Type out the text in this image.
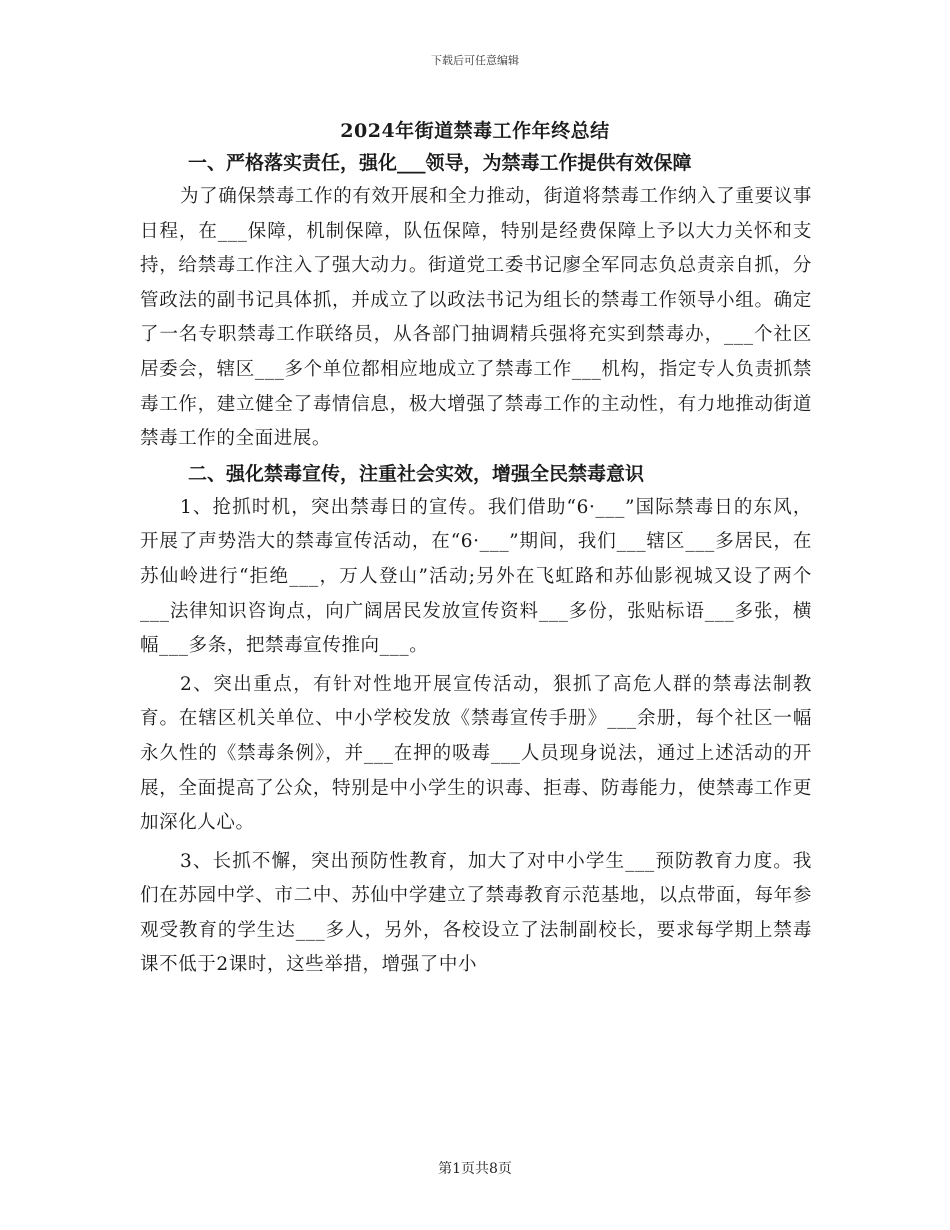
下载后可任意编辑
2024年街道禁毒工作年终总结
一、严格落实责任，强化___领导，为禁毒工作提供有效保障

为了确保禁毒工作的有效开展和全力推动，街道将禁毒工作纳入了重要议事日程，在___保障，机制保障，队伍保障，特别是经费保障上予以大力关怀和支持，给禁毒工作注入了强大动力。街道党工委书记廖全军同志负总责亲自抓，分管政法的副书记具体抓，并成立了以政法书记为组长的禁毒工作领导小组。确定了一名专职禁毒工作联络员，从各部门抽调精兵强将充实到禁毒办，___个社区居委会，辖区___多个单位都相应地成立了禁毒工作___机构，指定专人负责抓禁毒工作，建立健全了毒情信息，极大增强了禁毒工作的主动性，有力地推动街道禁毒工作的全面进展。

二、强化禁毒宣传，注重社会实效，增强全民禁毒意识

1、抢抓时机，突出禁毒日的宣传。我们借助“6·___”国际禁毒日的东风，开展了声势浩大的禁毒宣传活动，在“6·___”期间，我们___辖区___多居民，在苏仙岭进行“拒绝___，万人登山”活动;另外在飞虹路和苏仙影视城又设了两个___法律知识咨询点，向广阔居民发放宣传资料___多份，张贴标语___多张，横幅___多条，把禁毒宣传推向___。

2、突出重点，有针对性地开展宣传活动，狠抓了高危人群的禁毒法制教育。在辖区机关单位、中小学校发放《禁毒宣传手册》___余册，每个社区一幅永久性的《禁毒条例》，并___在押的吸毒___人员现身说法，通过上述活动的开展，全面提高了公众，特别是中小学生的识毒、拒毒、防毒能力，使禁毒工作更加深化人心。

3、长抓不懈，突出预防性教育，加大了对中小学生___预防教育力度。我们在苏园中学、市二中、苏仙中学建立了禁毒教育示范基地，以点带面，每年参观受教育的学生达___多人，另外，各校设立了法制副校长，要求每学期上禁毒课不低于2课时，这些举措，增强了中小

第1页共8页
